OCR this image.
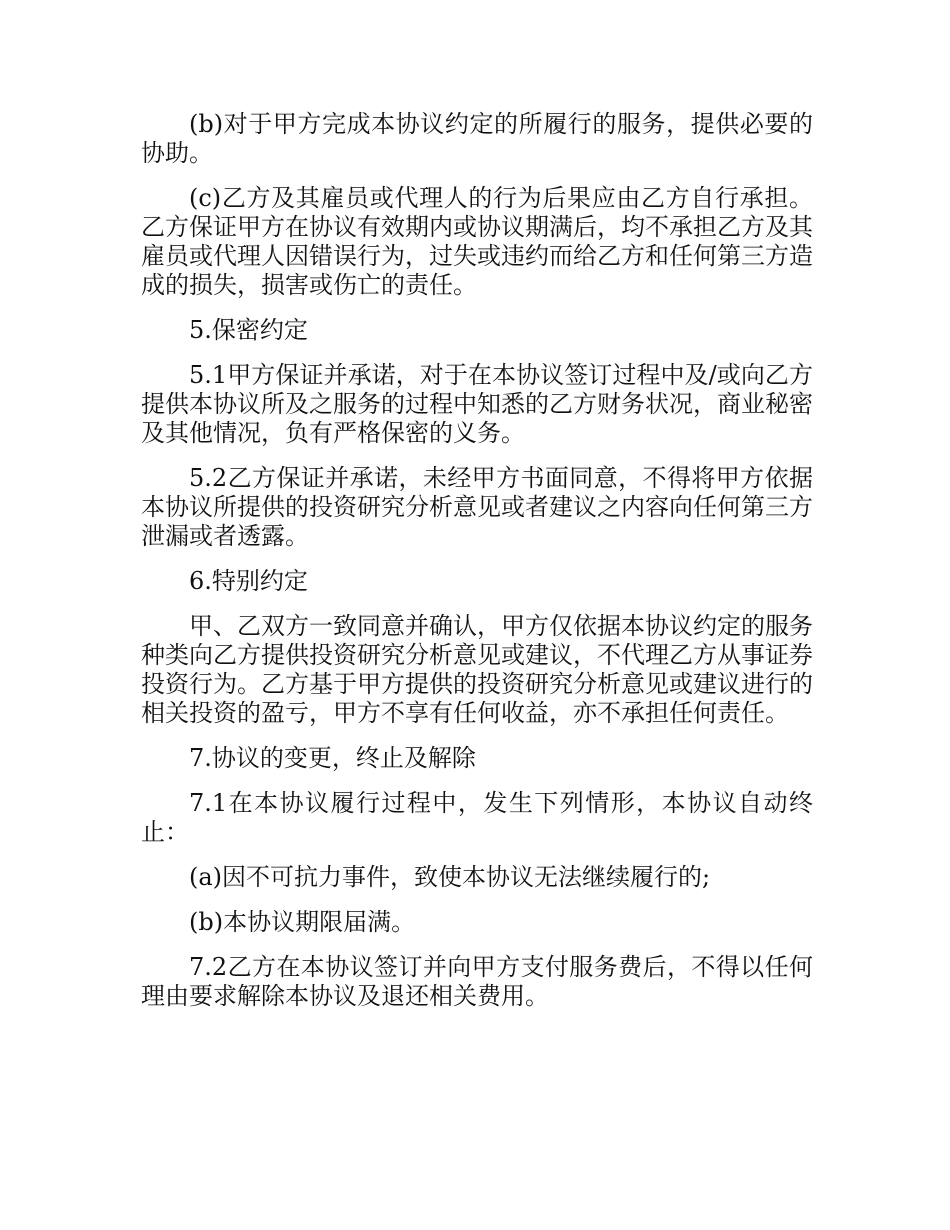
(b)对于甲方完成本协议约定的所履行的服务，提供必要的协助。

(c)乙方及其雇员或代理人的行为后果应由乙方自行承担。乙方保证甲方在协议有效期内或协议期满后，均不承担乙方及其雇员或代理人因错误行为，过失或违约而给乙方和任何第三方造成的损失，损害或伤亡的责任。

5.保密约定

5.1甲方保证并承诺，对于在本协议签订过程中及/或向乙方提供本协议所及之服务的过程中知悉的乙方财务状况，商业秘密及其他情况，负有严格保密的义务。

5.2乙方保证并承诺，未经甲方书面同意，不得将甲方依据本协议所提供的投资研究分析意见或者建议之内容向任何第三方泄漏或者透露。

6.特别约定

甲、乙双方一致同意并确认，甲方仅依据本协议约定的服务种类向乙方提供投资研究分析意见或建议，不代理乙方从事证券投资行为。乙方基于甲方提供的投资研究分析意见或建议进行的相关投资的盈亏，甲方不享有任何收益，亦不承担任何责任。

7.协议的变更，终止及解除

7.1在本协议履行过程中，发生下列情形，本协议自动终止：

(a)因不可抗力事件，致使本协议无法继续履行的;

(b)本协议期限届满。

7.2乙方在本协议签订并向甲方支付服务费后，不得以任何理由要求解除本协议及退还相关费用。
